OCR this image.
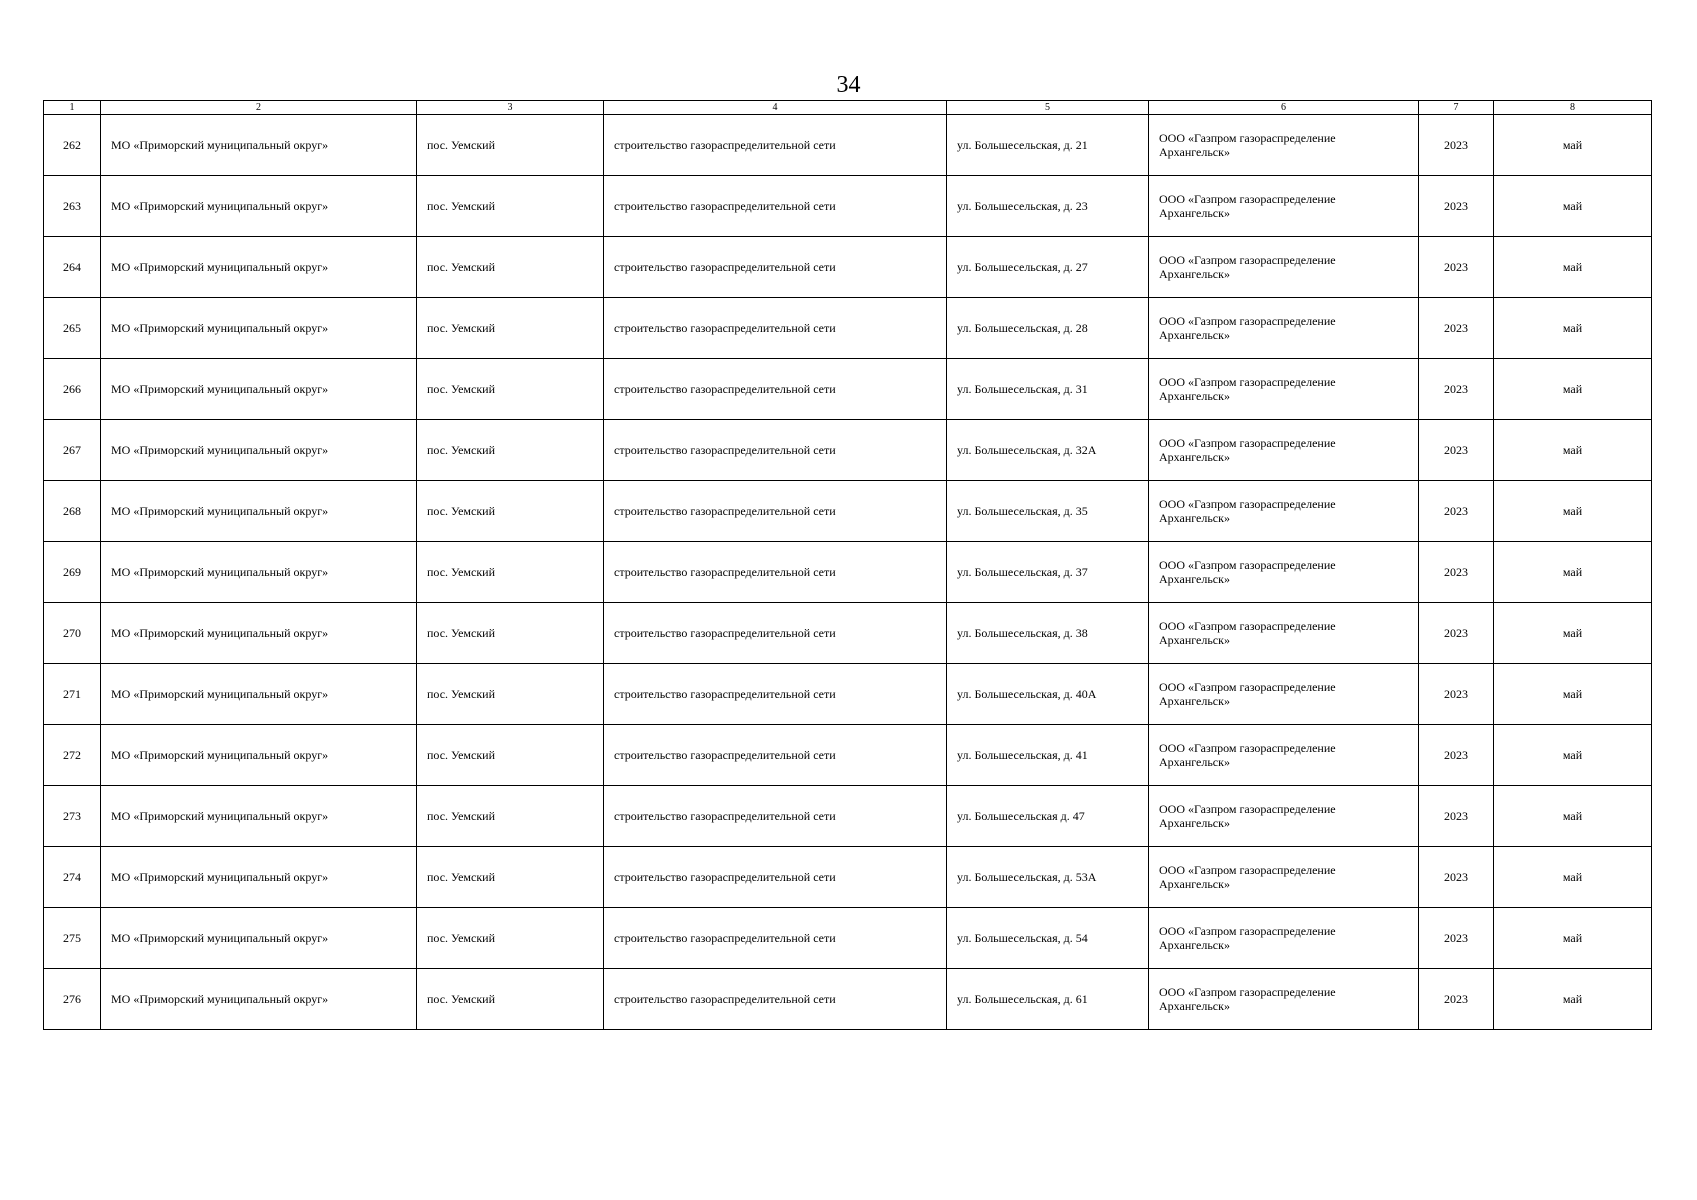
34
1	2	3	4	5	6	7	8
262	МО «Приморский муниципальный округ»	пос. Уемский	строительство газораспределительной сети	ул. Большесельская, д. 21	ООО «Газпром газораспределение
Архангельск»	2023	май
263	МО «Приморский муниципальный округ»	пос. Уемский	строительство газораспределительной сети	ул. Большесельская, д. 23	ООО «Газпром газораспределение
Архангельск»	2023	май
264	МО «Приморский муниципальный округ»	пос. Уемский	строительство газораспределительной сети	ул. Большесельская, д. 27	ООО «Газпром газораспределение
Архангельск»	2023	май
265	МО «Приморский муниципальный округ»	пос. Уемский	строительство газораспределительной сети	ул. Большесельская, д. 28	ООО «Газпром газораспределение
Архангельск»	2023	май
266	МО «Приморский муниципальный округ»	пос. Уемский	строительство газораспределительной сети	ул. Большесельская, д. 31	ООО «Газпром газораспределение
Архангельск»	2023	май
267	МО «Приморский муниципальный округ»	пос. Уемский	строительство газораспределительной сети	ул. Большесельская, д. 32А	ООО «Газпром газораспределение
Архангельск»	2023	май
268	МО «Приморский муниципальный округ»	пос. Уемский	строительство газораспределительной сети	ул. Большесельская, д. 35	ООО «Газпром газораспределение
Архангельск»	2023	май
269	МО «Приморский муниципальный округ»	пос. Уемский	строительство газораспределительной сети	ул. Большесельская, д. 37	ООО «Газпром газораспределение
Архангельск»	2023	май
270	МО «Приморский муниципальный округ»	пос. Уемский	строительство газораспределительной сети	ул. Большесельская, д. 38	ООО «Газпром газораспределение
Архангельск»	2023	май
271	МО «Приморский муниципальный округ»	пос. Уемский	строительство газораспределительной сети	ул. Большесельская, д. 40А	ООО «Газпром газораспределение
Архангельск»	2023	май
272	МО «Приморский муниципальный округ»	пос. Уемский	строительство газораспределительной сети	ул. Большесельская, д. 41	ООО «Газпром газораспределение
Архангельск»	2023	май
273	МО «Приморский муниципальный округ»	пос. Уемский	строительство газораспределительной сети	ул. Большесельская д. 47	ООО «Газпром газораспределение
Архангельск»	2023	май
274	МО «Приморский муниципальный округ»	пос. Уемский	строительство газораспределительной сети	ул. Большесельская, д. 53А	ООО «Газпром газораспределение
Архангельск»	2023	май
275	МО «Приморский муниципальный округ»	пос. Уемский	строительство газораспределительной сети	ул. Большесельская, д. 54	ООО «Газпром газораспределение
Архангельск»	2023	май
276	МО «Приморский муниципальный округ»	пос. Уемский	строительство газораспределительной сети	ул. Большесельская, д. 61	ООО «Газпром газораспределение
Архангельск»	2023	май
